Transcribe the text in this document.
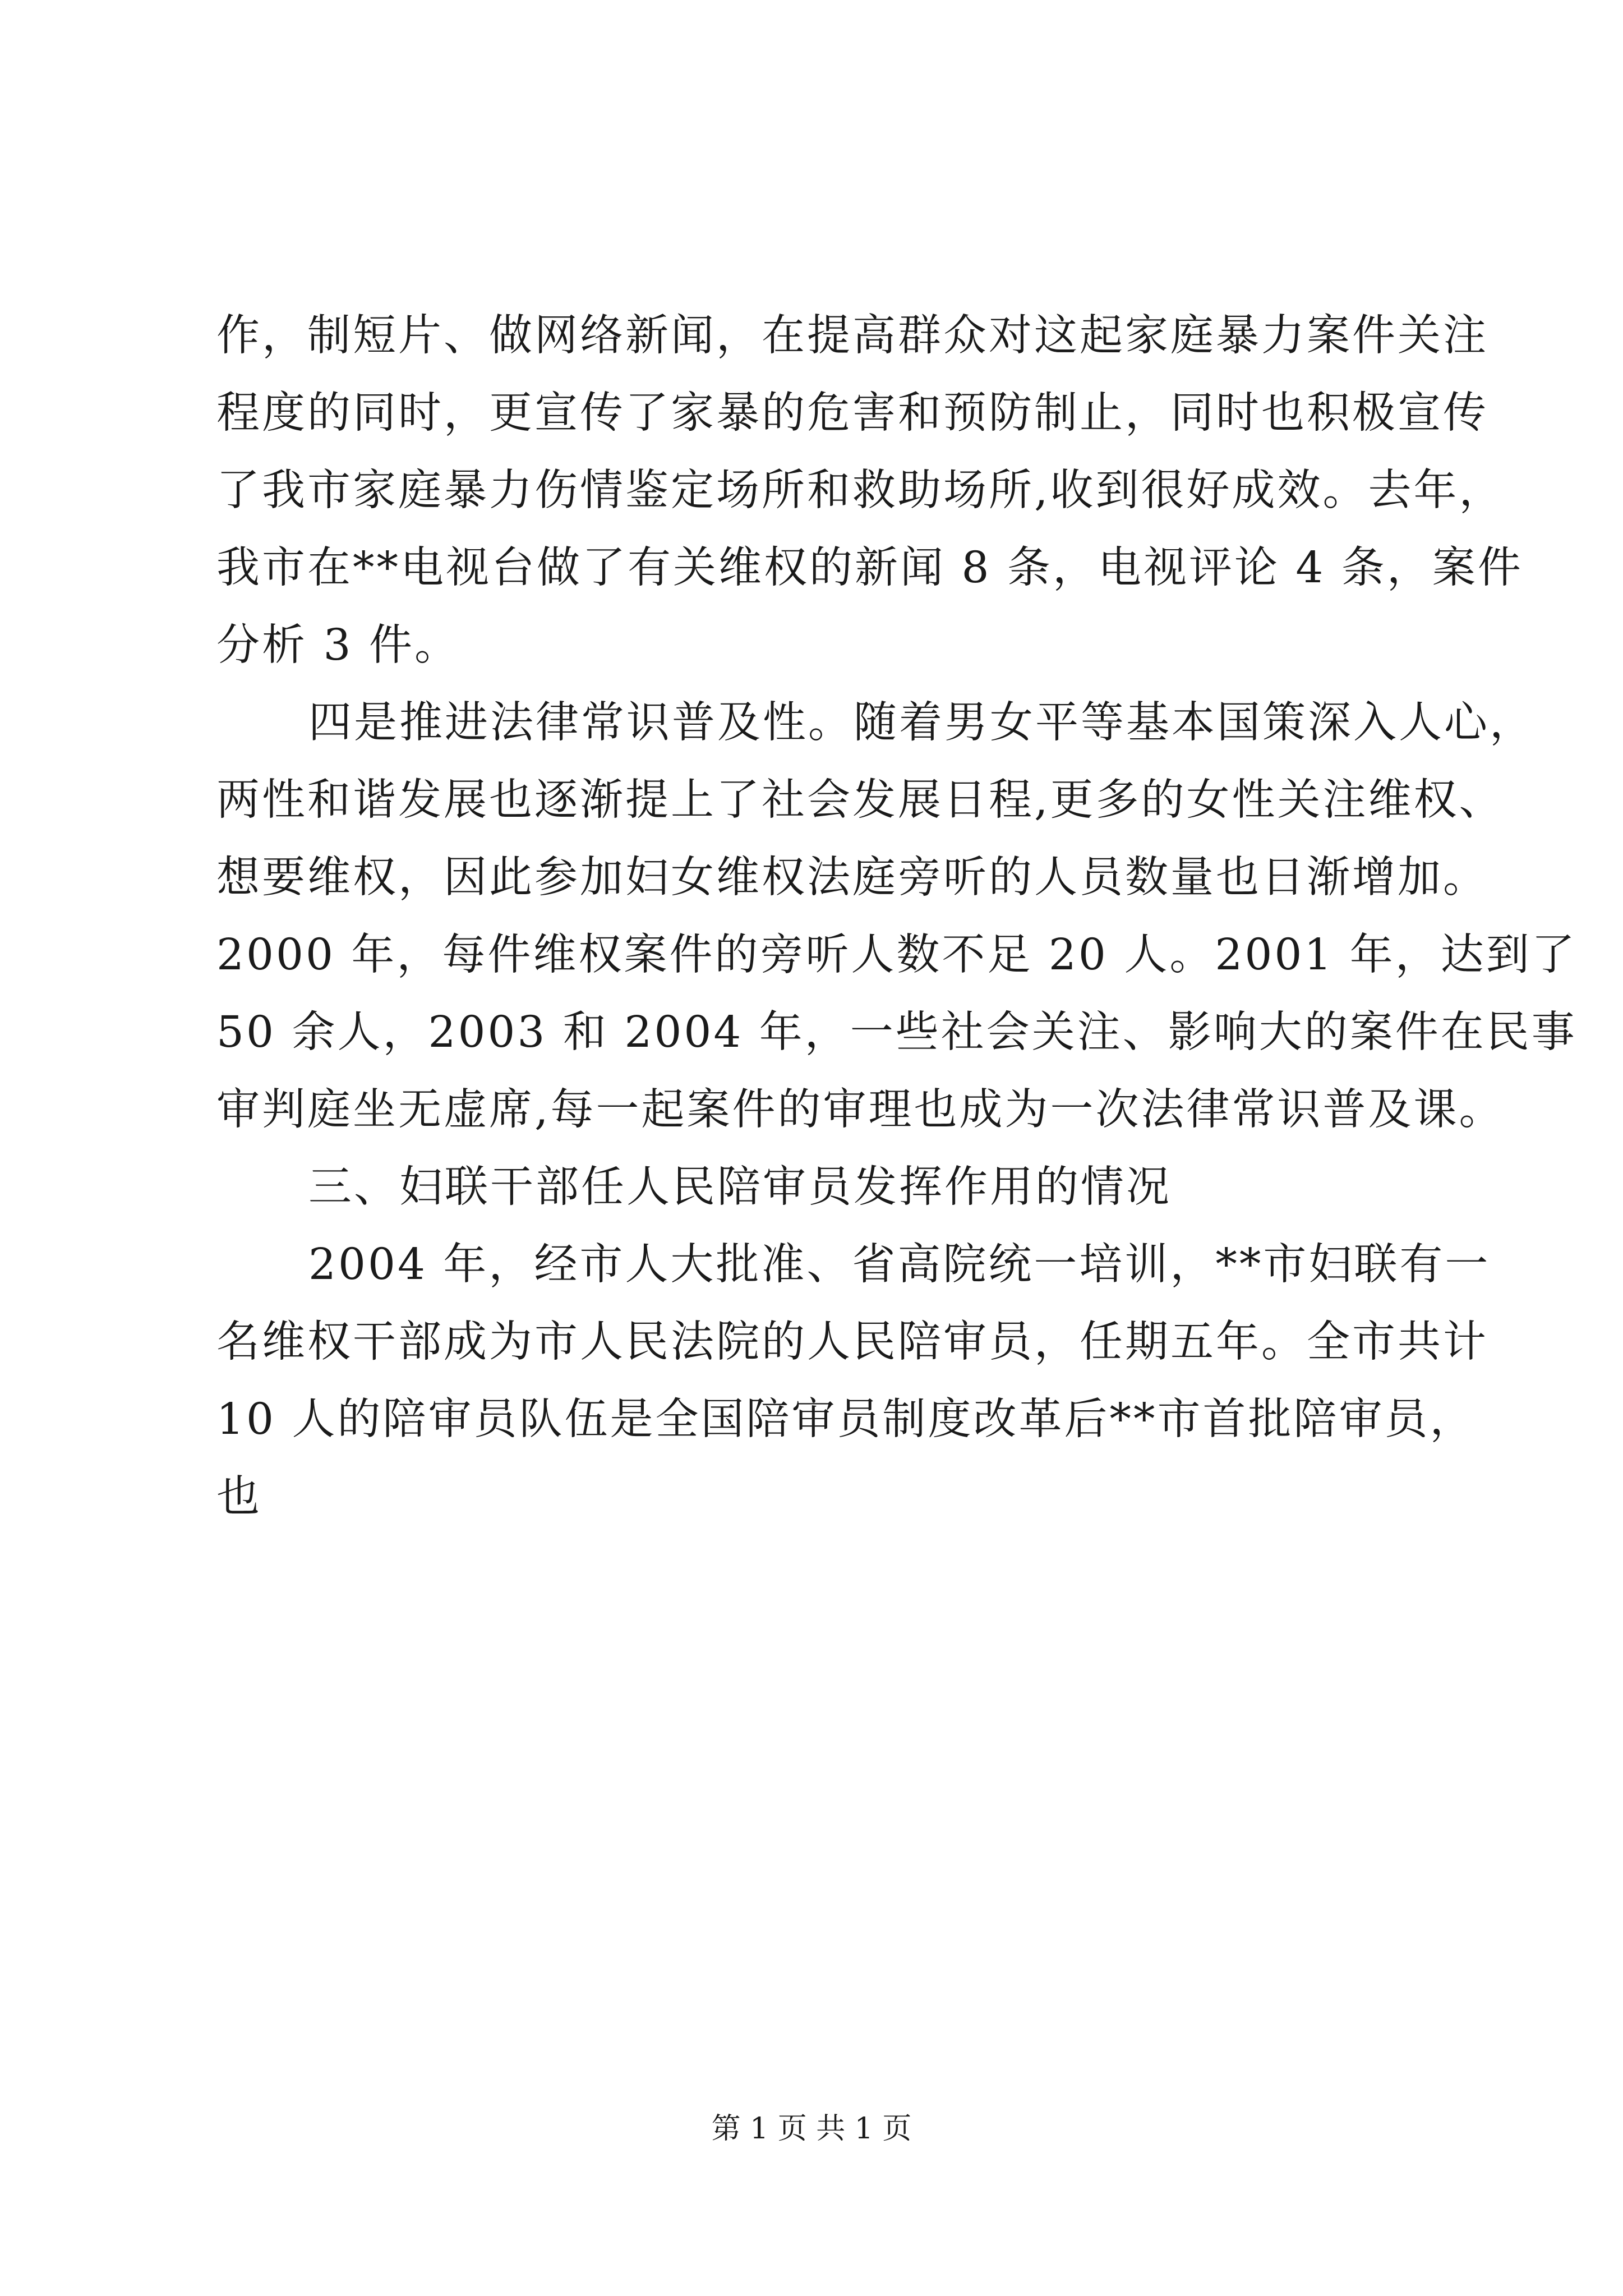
作，制短片、做网络新闻，在提高群众对这起家庭暴力案件关注
程度的同时，更宣传了家暴的危害和预防制止，同时也积极宣传
了我市家庭暴力伤情鉴定场所和救助场所,收到很好成效。去年，
我市在**电视台做了有关维权的新闻 8 条，电视评论 4 条，案件
分析 3 件。
四是推进法律常识普及性。随着男女平等基本国策深入人心，
两性和谐发展也逐渐提上了社会发展日程,更多的女性关注维权、
想要维权，因此参加妇女维权法庭旁听的人员数量也日渐增加。
2000 年，每件维权案件的旁听人数不足 20 人。2001 年，达到了
50 余人，2003 和 2004 年，一些社会关注、影响大的案件在民事
审判庭坐无虚席,每一起案件的审理也成为一次法律常识普及课。
三、妇联干部任人民陪审员发挥作用的情况
2004 年，经市人大批准、省高院统一培训，**市妇联有一
名维权干部成为市人民法院的人民陪审员，任期五年。全市共计
10 人的陪审员队伍是全国陪审员制度改革后**市首批陪审员，
也
第 1 页 共 1 页
